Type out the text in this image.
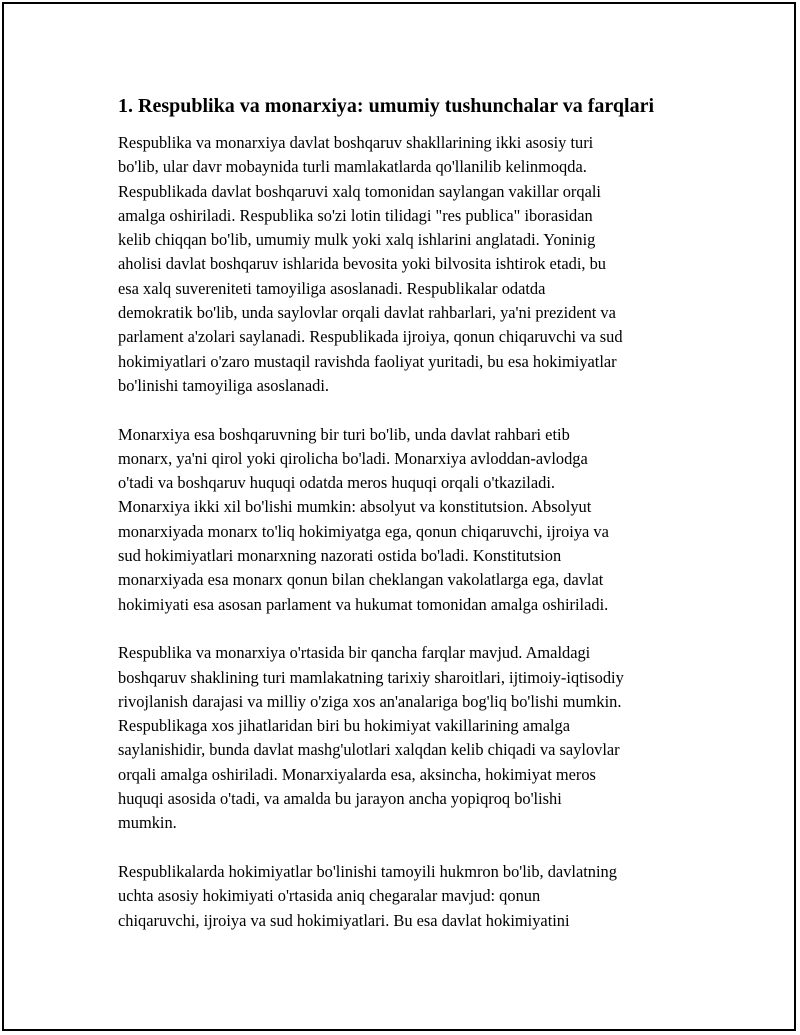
1. Respublika va monarxiya: umumiy tushunchalar va farqlari

Respublika va monarxiya davlat boshqaruv shakllarining ikki asosiy turi
bo'lib, ular davr mobaynida turli mamlakatlarda qo'llanilib kelinmoqda.
Respublikada davlat boshqaruvi xalq tomonidan saylangan vakillar orqali
amalga oshiriladi. Respublika so'zi lotin tilidagi "res publica" iborasidan
kelib chiqqan bo'lib, umumiy mulk yoki xalq ishlarini anglatadi. Yoninig
aholisi davlat boshqaruv ishlarida bevosita yoki bilvosita ishtirok etadi, bu
esa xalq suvereniteti tamoyiliga asoslanadi. Respublikalar odatda
demokratik bo'lib, unda saylovlar orqali davlat rahbarlari, ya'ni prezident va
parlament a'zolari saylanadi. Respublikada ijroiya, qonun chiqaruvchi va sud
hokimiyatlari o'zaro mustaqil ravishda faoliyat yuritadi, bu esa hokimiyatlar
bo'linishi tamoyiliga asoslanadi.

Monarxiya esa boshqaruvning bir turi bo'lib, unda davlat rahbari etib
monarx, ya'ni qirol yoki qirolicha bo'ladi. Monarxiya avloddan-avlodga
o'tadi va boshqaruv huquqi odatda meros huquqi orqali o'tkaziladi.
Monarxiya ikki xil bo'lishi mumkin: absolyut va konstitutsion. Absolyut
monarxiyada monarx to'liq hokimiyatga ega, qonun chiqaruvchi, ijroiya va
sud hokimiyatlari monarxning nazorati ostida bo'ladi. Konstitutsion
monarxiyada esa monarx qonun bilan cheklangan vakolatlarga ega, davlat
hokimiyati esa asosan parlament va hukumat tomonidan amalga oshiriladi.

Respublika va monarxiya o'rtasida bir qancha farqlar mavjud. Amaldagi
boshqaruv shaklining turi mamlakatning tarixiy sharoitlari, ijtimoiy-iqtisodiy
rivojlanish darajasi va milliy o'ziga xos an'analariga bog'liq bo'lishi mumkin.
Respublikaga xos jihatlaridan biri bu hokimiyat vakillarining amalga
saylanishidir, bunda davlat mashg'ulotlari xalqdan kelib chiqadi va saylovlar
orqali amalga oshiriladi. Monarxiyalarda esa, aksincha, hokimiyat meros
huquqi asosida o'tadi, va amalda bu jarayon ancha yopiqroq bo'lishi
mumkin.

Respublikalarda hokimiyatlar bo'linishi tamoyili hukmron bo'lib, davlatning
uchta asosiy hokimiyati o'rtasida aniq chegaralar mavjud: qonun
chiqaruvchi, ijroiya va sud hokimiyatlari. Bu esa davlat hokimiyatini
